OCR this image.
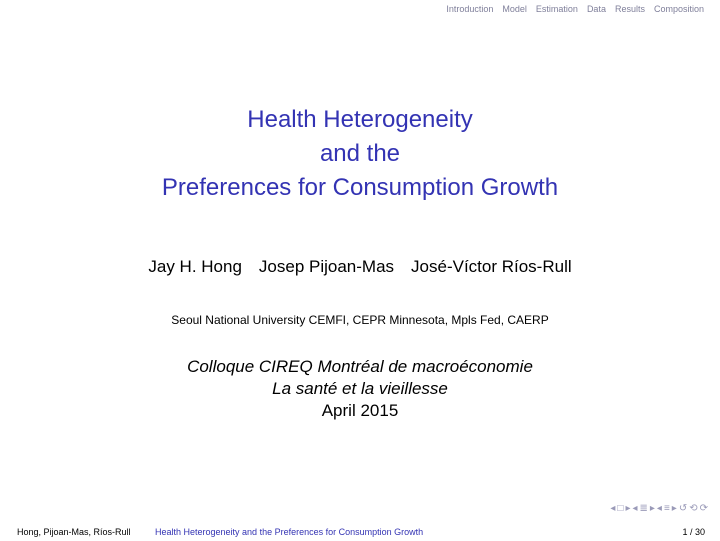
Introduction Model Estimation Data Results Composition
Health Heterogeneity
and the
Preferences for Consumption Growth
Jay H. Hong Josep Pijoan-Mas José-Víctor Ríos-Rull
Seoul National University CEMFI, CEPR Minnesota, Mpls Fed, CAERP
Colloque CIREQ Montréal de macroéconomie
La santé et la vieillesse
April 2015
◂ □ ▸ ◂ ≣ ▸ ◂ ≡ ▸ ↺ ⟲ ⟳
Hong, Pijoan-Mas, Ríos-Rull	Health Heterogeneity and the Preferences for Consumption Growth	1 / 30
